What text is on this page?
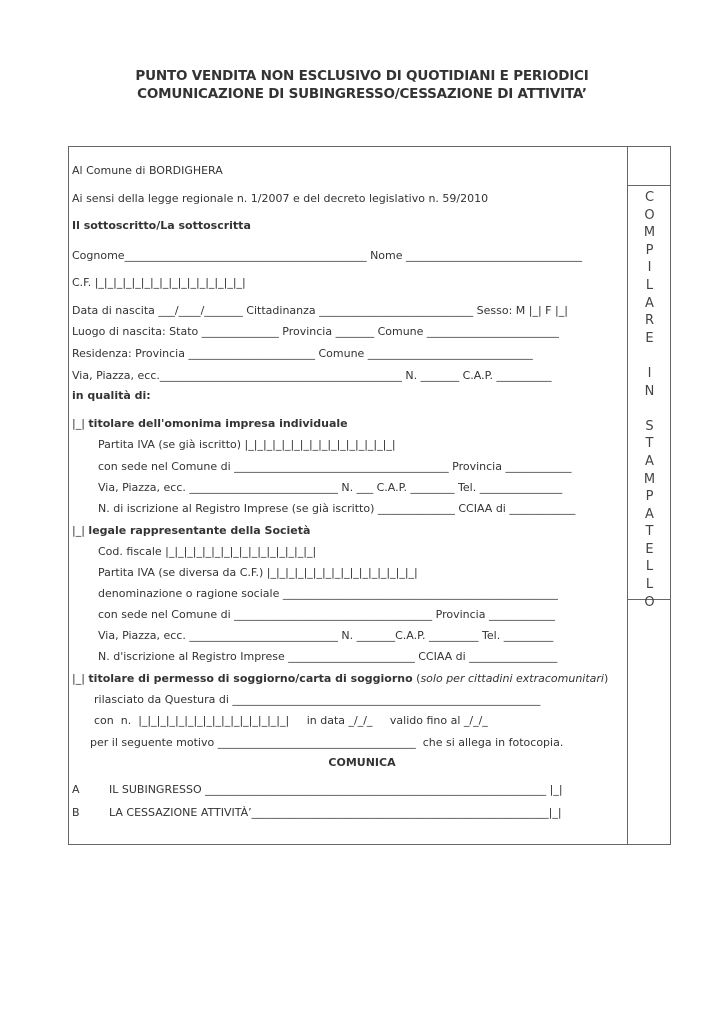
PUNTO VENDITA NON ESCLUSIVO DI QUOTIDIANI E PERIODICI
COMUNICAZIONE DI SUBINGRESSO/CESSAZIONE DI ATTIVITA’
C
O
M
P
I
L
A
R
E

I
N

S
T
A
M
P
A
T
E
L
L
O
Al Comune di BORDIGHERA
Ai sensi della legge regionale n. 1/2007 e del decreto legislativo n. 59/2010
Il sottoscritto/La sottoscritta
Cognome____________________________________________ Nome ________________________________
C.F. |_|_|_|_|_|_|_|_|_|_|_|_|_|_|_|_|
Data di nascita ___/____/_______ Cittadinanza ____________________________ Sesso: M |_| F |_|
Luogo di nascita: Stato ______________ Provincia _______ Comune ________________________
Residenza: Provincia _______________________ Comune ______________________________
Via, Piazza, ecc.____________________________________________ N. _______ C.A.P. __________
in qualità di:
|_| titolare dell'omonima impresa individuale
Partita IVA (se già iscritto) |_|_|_|_|_|_|_|_|_|_|_|_|_|_|_|_|
con sede nel Comune di _______________________________________ Provincia ____________
Via, Piazza, ecc. ___________________________ N. ___ C.A.P. ________ Tel. _______________
N. di iscrizione al Registro Imprese (se già iscritto) ______________ CCIAA di ____________
|_| legale rappresentante della Società
Cod. fiscale |_|_|_|_|_|_|_|_|_|_|_|_|_|_|_|_|
Partita IVA (se diversa da C.F.) |_|_|_|_|_|_|_|_|_|_|_|_|_|_|_|_|
denominazione o ragione sociale __________________________________________________
con sede nel Comune di ____________________________________ Provincia ____________
Via, Piazza, ecc. ___________________________ N. _______C.A.P. _________ Tel. _________
N. d'iscrizione al Registro Imprese _______________________ CCIAA di ________________
|_| titolare di permesso di soggiorno/carta di soggiorno (solo per cittadini extracomunitari)
rilasciato da Questura di ________________________________________________________
con  n.  |_|_|_|_|_|_|_|_|_|_|_|_|_|_|_|_|     in data _/_/_     valido fino al _/_/_
per il seguente motivo ____________________________________  che si allega in fotocopia.
COMUNICA
A	IL SUBINGRESSO ______________________________________________________________ |_|
B	LA CESSAZIONE ATTIVITÀ’______________________________________________________|_|
